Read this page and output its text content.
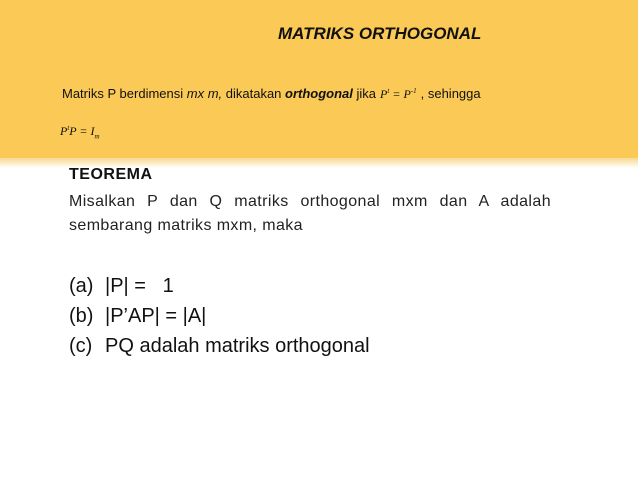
MATRIKS ORTHOGONAL
Matriks P berdimensi mx m, dikatakan orthogonal jika $P^t = P^{-1}$ , sehingga
$P^tP = I_m$
TEOREMA
Misalkan P dan Q matriks orthogonal mxm dan A adalah sembarang matriks mxm, maka
(a) |P| =   1
(b) |P’AP| = |A|
(c) PQ adalah matriks orthogonal
